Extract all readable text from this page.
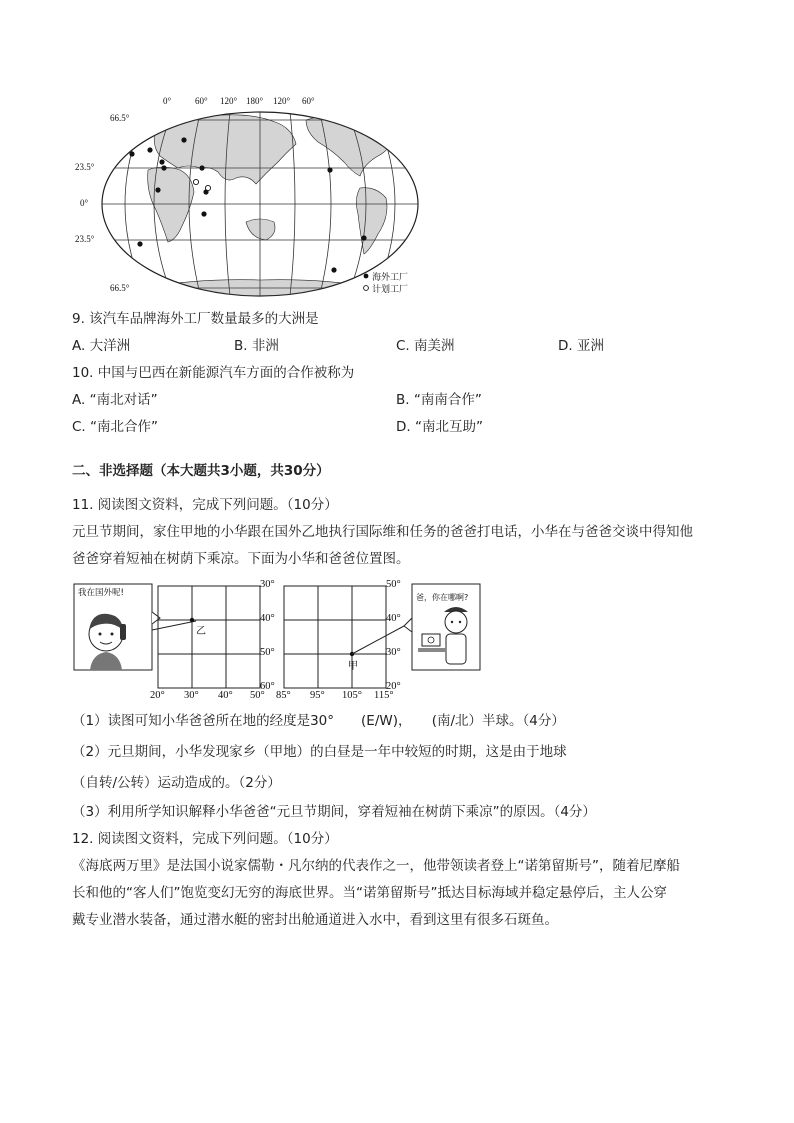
0°	60° 120° 180° 120° 60°
66.5°
23.5°
0°
23.5°
66.5°
海外工厂
计划工厂
9. 该汽车品牌海外工厂数量最多的大洲是
A. 大洋洲	B. 非洲	C. 南美洲	D. 亚洲
10. 中国与巴西在新能源汽车方面的合作被称为
A. “南北对话”	B. “南南合作”
C. “南北合作”	D. “南北互助”
二、非选择题（本大题共3小题，共30分）
11. 阅读图文资料，完成下列问题。（10分）
元旦节期间，家住甲地的小华跟在国外乙地执行国际维和任务的爸爸打电话，小华在与爸爸交谈中得知他
爸爸穿着短袖在树荫下乘凉。下面为小华和爸爸位置图。
我在国外呢!	爸，你在哪啊?
乙
甲
30°
40°
50°
60°
20° 30° 40° 50°
50°
40°
30°
20°
85° 95° 105° 115°
（1）读图可知小华爸爸所在地的经度是30°　　(E/W)，　　(南/北）半球。（4分）
（2）元旦期间，小华发现家乡（甲地）的白昼是一年中较短的时期，这是由于地球
（自转/公转）运动造成的。（2分）
（3）利用所学知识解释小华爸爸“元旦节期间，穿着短袖在树荫下乘凉”的原因。（4分）
12. 阅读图文资料，完成下列问题。（10分）
《海底两万里》是法国小说家儒勒・凡尔纳的代表作之一，他带领读者登上“诺第留斯号”，随着尼摩船
长和他的“客人们”饱览变幻无穷的海底世界。当“诺第留斯号”抵达目标海域并稳定悬停后，主人公穿
戴专业潜水装备，通过潜水艇的密封出舱通道进入水中，看到这里有很多石斑鱼。
